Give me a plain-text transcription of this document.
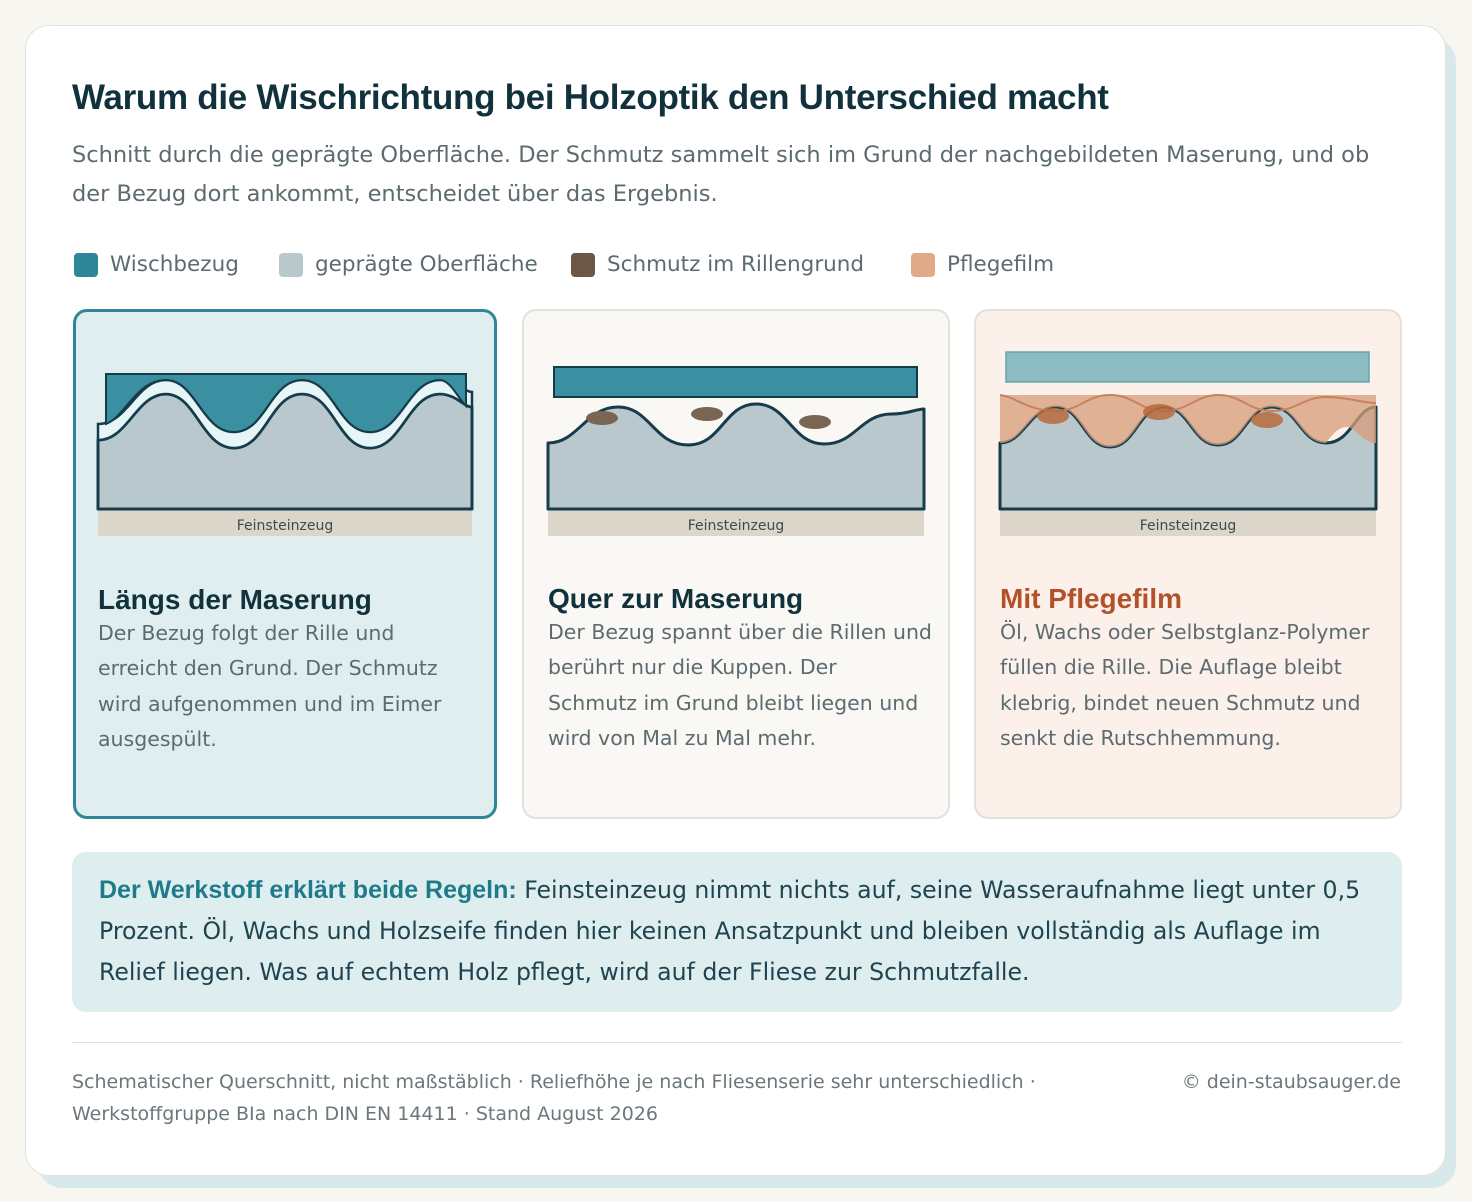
Warum die Wischrichtung bei Holzoptik den Unterschied macht

Schnitt durch die geprägte Oberfläche. Der Schmutz sammelt sich im Grund der nachgebildeten Maserung, und ob der Bezug dort ankommt, entscheidet über das Ergebnis.

Wischbezug	geprägte Oberfläche	Schmutz im Rillengrund	Pflegefilm
Feinsteinzeug
Längs der Maserung
Der Bezug folgt der Rille und erreicht den Grund. Der Schmutz wird aufgenommen und im Eimer ausgespült.
Feinsteinzeug
Quer zur Maserung
Der Bezug spannt über die Rillen und berührt nur die Kuppen. Der Schmutz im Grund bleibt liegen und wird von Mal zu Mal mehr.
Feinsteinzeug
Mit Pflegefilm
Öl, Wachs oder Selbstglanz-Polymer füllen die Rille. Die Auflage bleibt klebrig, bindet neuen Schmutz und senkt die Rutschhemmung.

Der Werkstoff erklärt beide Regeln: Feinsteinzeug nimmt nichts auf, seine Wasseraufnahme liegt unter 0,5 Prozent. Öl, Wachs und Holzseife finden hier keinen Ansatzpunkt und bleiben vollständig als Auflage im Relief liegen. Was auf echtem Holz pflegt, wird auf der Fliese zur Schmutzfalle.

Schematischer Querschnitt, nicht maßstäblich · Reliefhöhe je nach Fliesenserie sehr unterschiedlich · Werkstoffgruppe BIa nach DIN EN 14411 · Stand August 2026

© dein-staubsauger.de
